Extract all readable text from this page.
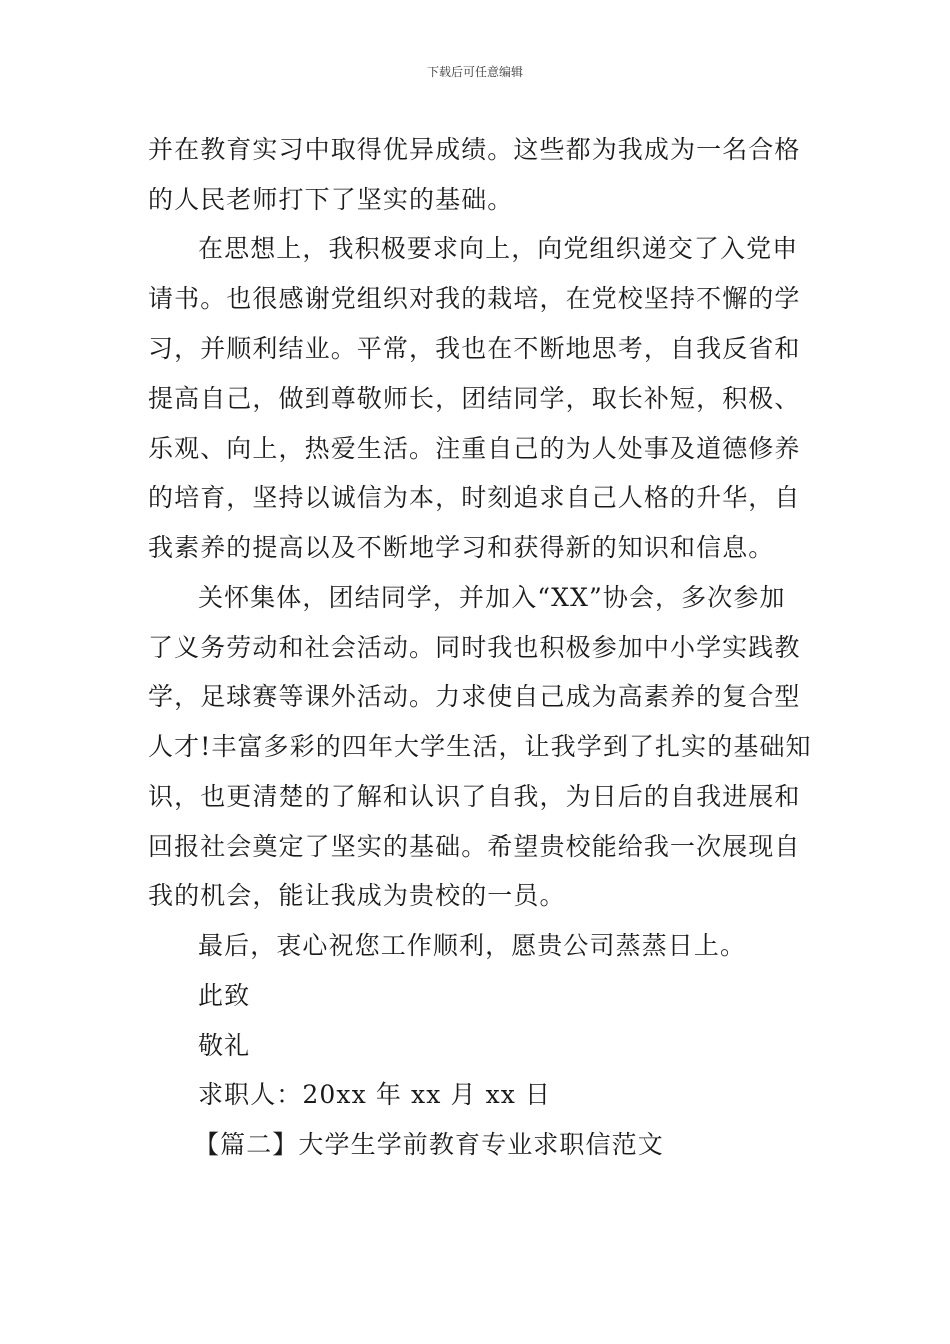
下载后可任意编辑
并在教育实习中取得优异成绩。这些都为我成为一名合格
的人民老师打下了坚实的基础。
在思想上，我积极要求向上，向党组织递交了入党申
请书。也很感谢党组织对我的栽培，在党校坚持不懈的学
习，并顺利结业。平常，我也在不断地思考，自我反省和
提高自己，做到尊敬师长，团结同学，取长补短，积极、
乐观、向上，热爱生活。注重自己的为人处事及道德修养
的培育，坚持以诚信为本，时刻追求自己人格的升华，自
我素养的提高以及不断地学习和获得新的知识和信息。
关怀集体，团结同学，并加入“XX”协会，多次参加
了义务劳动和社会活动。同时我也积极参加中小学实践教
学，足球赛等课外活动。力求使自己成为高素养的复合型
人才!丰富多彩的四年大学生活，让我学到了扎实的基础知
识，也更清楚的了解和认识了自我，为日后的自我进展和
回报社会奠定了坚实的基础。希望贵校能给我一次展现自
我的机会，能让我成为贵校的一员。
最后，衷心祝您工作顺利，愿贵公司蒸蒸日上。
此致
敬礼
求职人：20xx 年 xx 月 xx 日
【篇二】大学生学前教育专业求职信范文
